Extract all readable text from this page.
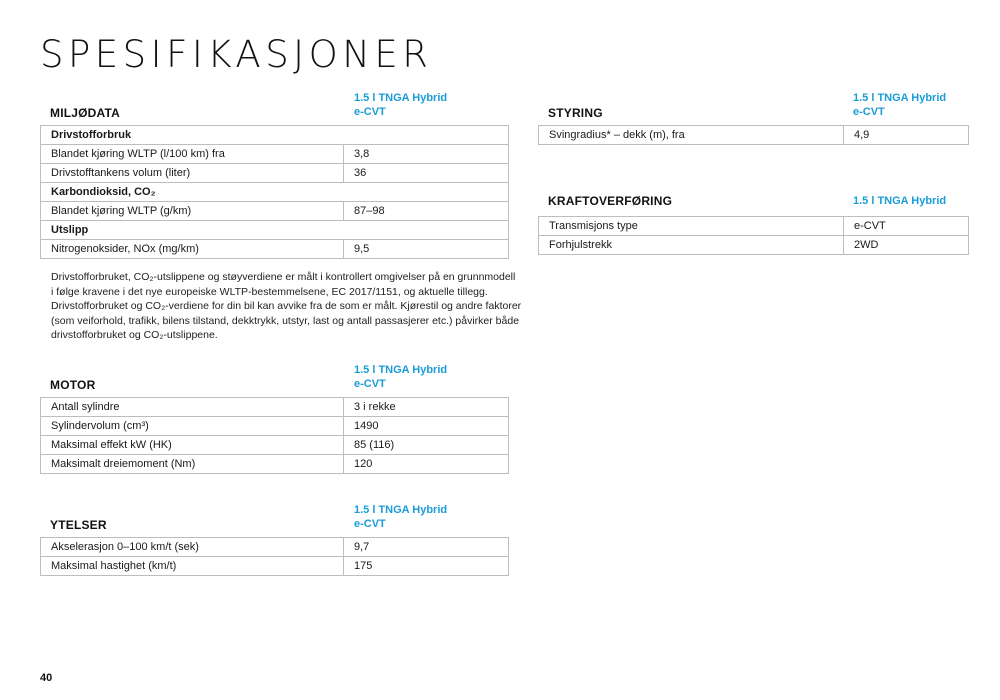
SPESIFIKASJONER
MILJØDATA
1.5 l TNGA Hybrid
e-CVT
Drivstofforbruk
Blandet kjøring WLTP (l/100 km) fra	3,8
Drivstofftankens volum (liter)	36
Karbondioksid, CO₂
Blandet kjøring WLTP (g/km)	87–98
Utslipp
Nitrogenoksider, NOx (mg/km)	9,5
Drivstofforbruket, CO₂-utslippene og støyverdiene er målt i kontrollert omgivelser på en grunnmodell
i følge kravene i det nye europeiske WLTP-bestemmelsene, EC 2017/1151, og aktuelle tillegg.
Drivstofforbruket og CO₂-verdiene for din bil kan avvike fra de som er målt. Kjørestil og andre faktorer
(som veiforhold, trafikk, bilens tilstand, dekktrykk, utstyr, last og antall passasjerer etc.) påvirker både
drivstofforbruket og CO₂-utslippene.
MOTOR
1.5 l TNGA Hybrid
e-CVT
Antall sylindre	3 i rekke
Sylindervolum (cm³)	1490
Maksimal effekt kW (HK)	85 (116)
Maksimalt dreiemoment (Nm)	120
YTELSER
1.5 l TNGA Hybrid
e-CVT
Akselerasjon 0–100 km/t (sek)	9,7
Maksimal hastighet (km/t)	175
STYRING
1.5 l TNGA Hybrid
e-CVT
Svingradius* – dekk (m), fra	4,9
KRAFTOVERFØRING	1.5 l TNGA Hybrid
Transmisjons type	e-CVT
Forhjulstrekk	2WD
40
